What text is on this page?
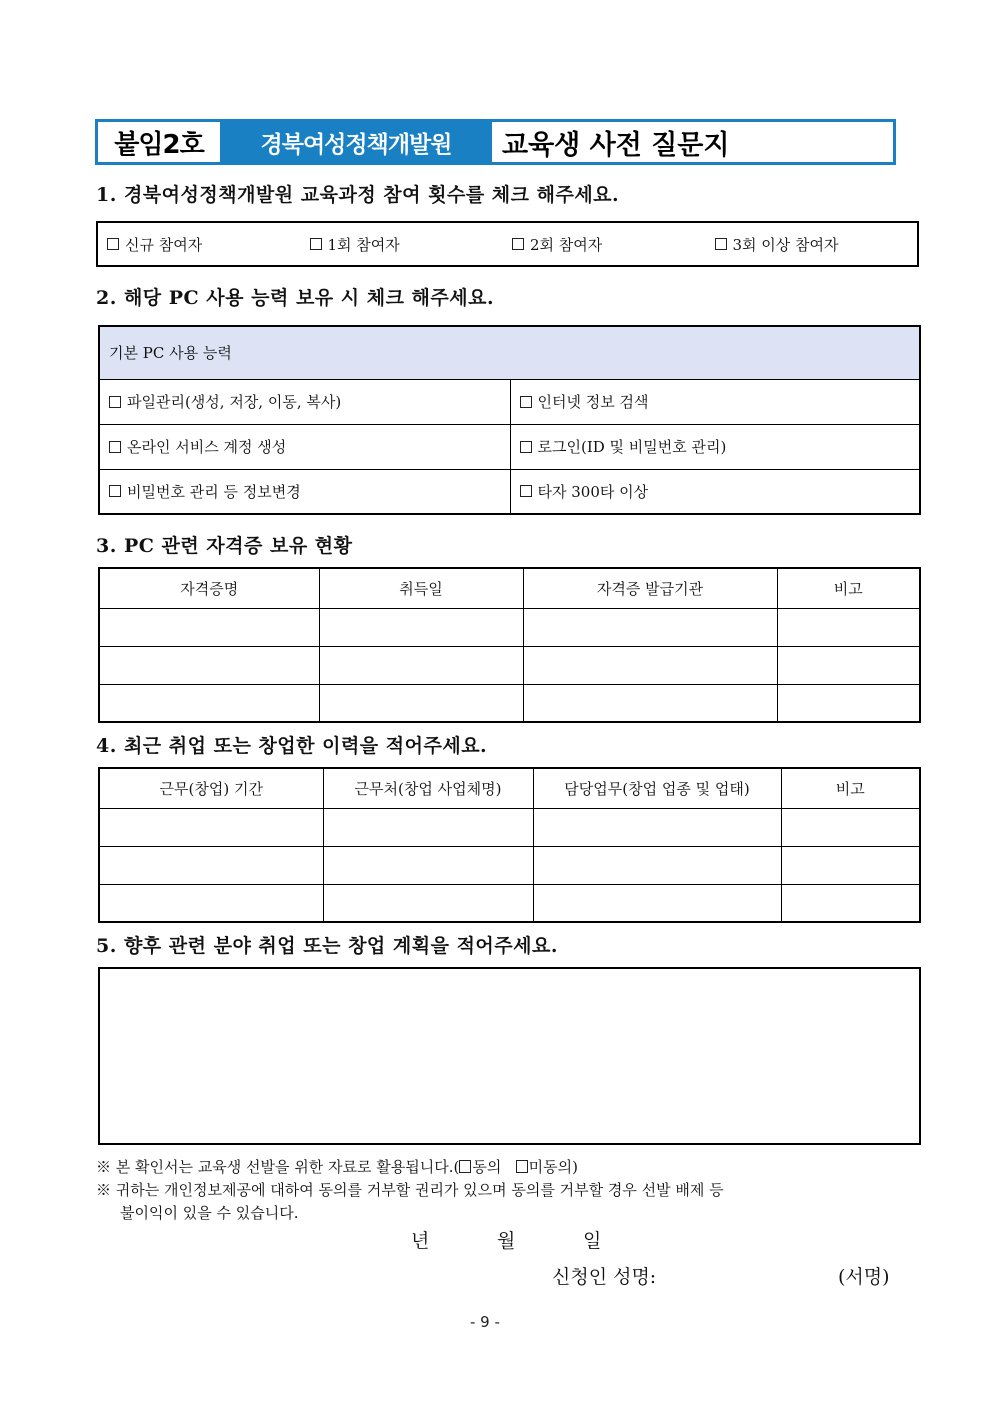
붙임2호	경북여성정책개발원	교육생 사전 질문지
1. 경북여성정책개발원 교육과정 참여 횟수를 체크 해주세요.
신규 참여자	1회 참여자	2회 참여자	3회 이상 참여자
2. 해당 PC 사용 능력 보유 시 체크 해주세요.
기본 PC 사용 능력	

파일관리(생성, 저장, 이동, 복사)	인터넷 정보 검색

온라인 서비스 계정 생성	로그인(ID 및 비밀번호 관리)

비밀번호 관리 등 정보변경	타자 300타 이상
3. PC 관련 자격증 보유 현황
자격증명	취득일	자격증 발급기관	비고

4. 최근 취업 또는 창업한 이력을 적어주세요.
근무(창업) 기간	근무처(창업 사업체명)	담당업무(창업 업종 및 업태)	비고

5. 향후 관련 분야 취업 또는 창업 계획을 적어주세요.
※ 본 확인서는 교육생 선발을 위한 자료로 활용됩니다.( 동의 미동의)
※ 귀하는 개인정보제공에 대하여 동의를 거부할 권리가 있으며 동의를 거부할 경우 선발 배제 등
불이익이 있을 수 있습니다.
년	월	일
신청인 성명:	(서명)
- 9 -
